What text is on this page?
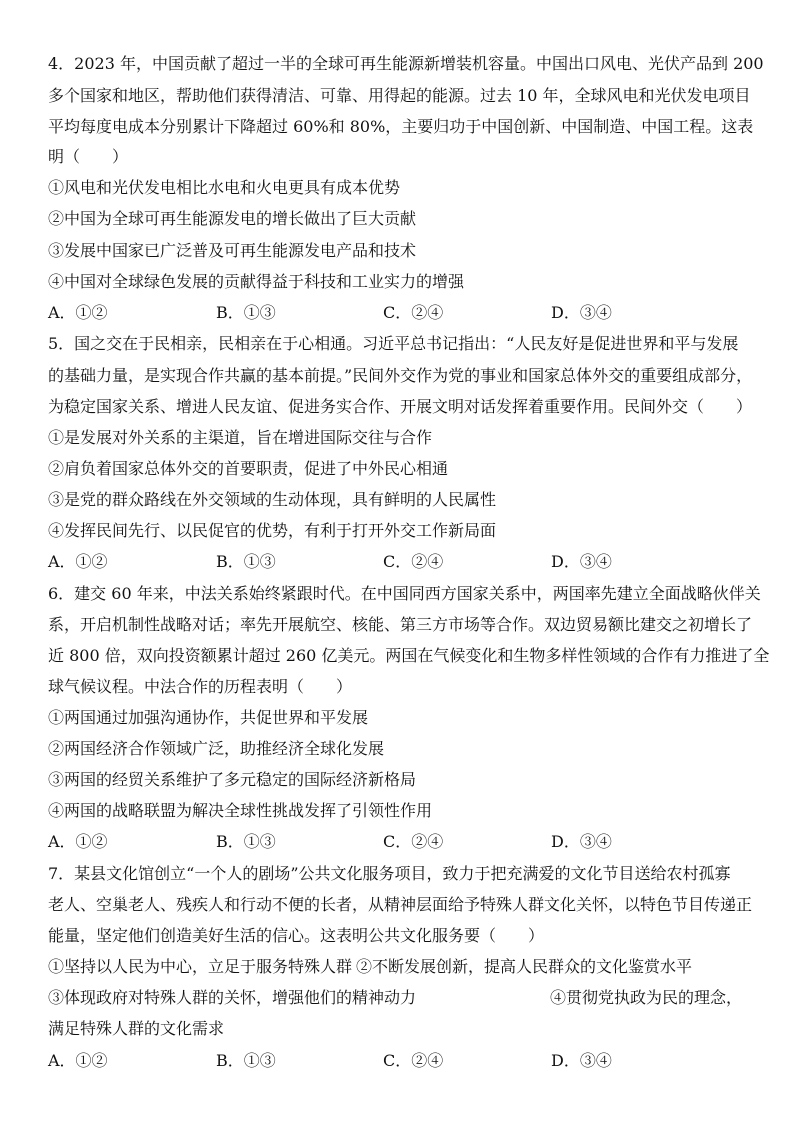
4．2023 年，中国贡献了超过一半的全球可再生能源新增装机容量。中国出口风电、光伏产品到 200
多个国家和地区，帮助他们获得清洁、可靠、用得起的能源。过去 10 年，全球风电和光伏发电项目
平均每度电成本分别累计下降超过 60%和 80%，主要归功于中国创新、中国制造、中国工程。这表
明（　　）
①风电和光伏发电相比水电和火电更具有成本优势
②中国为全球可再生能源发电的增长做出了巨大贡献
③发展中国家已广泛普及可再生能源发电产品和技术
④中国对全球绿色发展的贡献得益于科技和工业实力的增强
A．①②	B．①③	C．②④	D．③④
5．国之交在于民相亲，民相亲在于心相通。习近平总书记指出：“人民友好是促进世界和平与发展
的基础力量，是实现合作共赢的基本前提。”民间外交作为党的事业和国家总体外交的重要组成部分，
为稳定国家关系、增进人民友谊、促进务实合作、开展文明对话发挥着重要作用。民间外交（　　）
①是发展对外关系的主渠道，旨在增进国际交往与合作
②肩负着国家总体外交的首要职责，促进了中外民心相通
③是党的群众路线在外交领域的生动体现，具有鲜明的人民属性
④发挥民间先行、以民促官的优势，有利于打开外交工作新局面
A．①②	B．①③	C．②④	D．③④
6．建交 60 年来，中法关系始终紧跟时代。在中国同西方国家关系中，两国率先建立全面战略伙伴关
系，开启机制性战略对话；率先开展航空、核能、第三方市场等合作。双边贸易额比建交之初增长了
近 800 倍，双向投资额累计超过 260 亿美元。两国在气候变化和生物多样性领域的合作有力推进了全
球气候议程。中法合作的历程表明（　　）
①两国通过加强沟通协作，共促世界和平发展
②两国经济合作领域广泛，助推经济全球化发展
③两国的经贸关系维护了多元稳定的国际经济新格局
④两国的战略联盟为解决全球性挑战发挥了引领性作用
A．①②	B．①③	C．②④	D．③④
7．某县文化馆创立“一个人的剧场”公共文化服务项目，致力于把充满爱的文化节目送给农村孤寡
老人、空巢老人、残疾人和行动不便的长者，从精神层面给予特殊人群文化关怀，以特色节目传递正
能量，坚定他们创造美好生活的信心。这表明公共文化服务要（　　）
①坚持以人民为中心，立足于服务特殊人群 ②不断发展创新，提高人民群众的文化鉴赏水平
③体现政府对特殊人群的关怀，增强他们的精神动力	④贯彻党执政为民的理念，
满足特殊人群的文化需求
A．①②	B．①③	C．②④	D．③④
